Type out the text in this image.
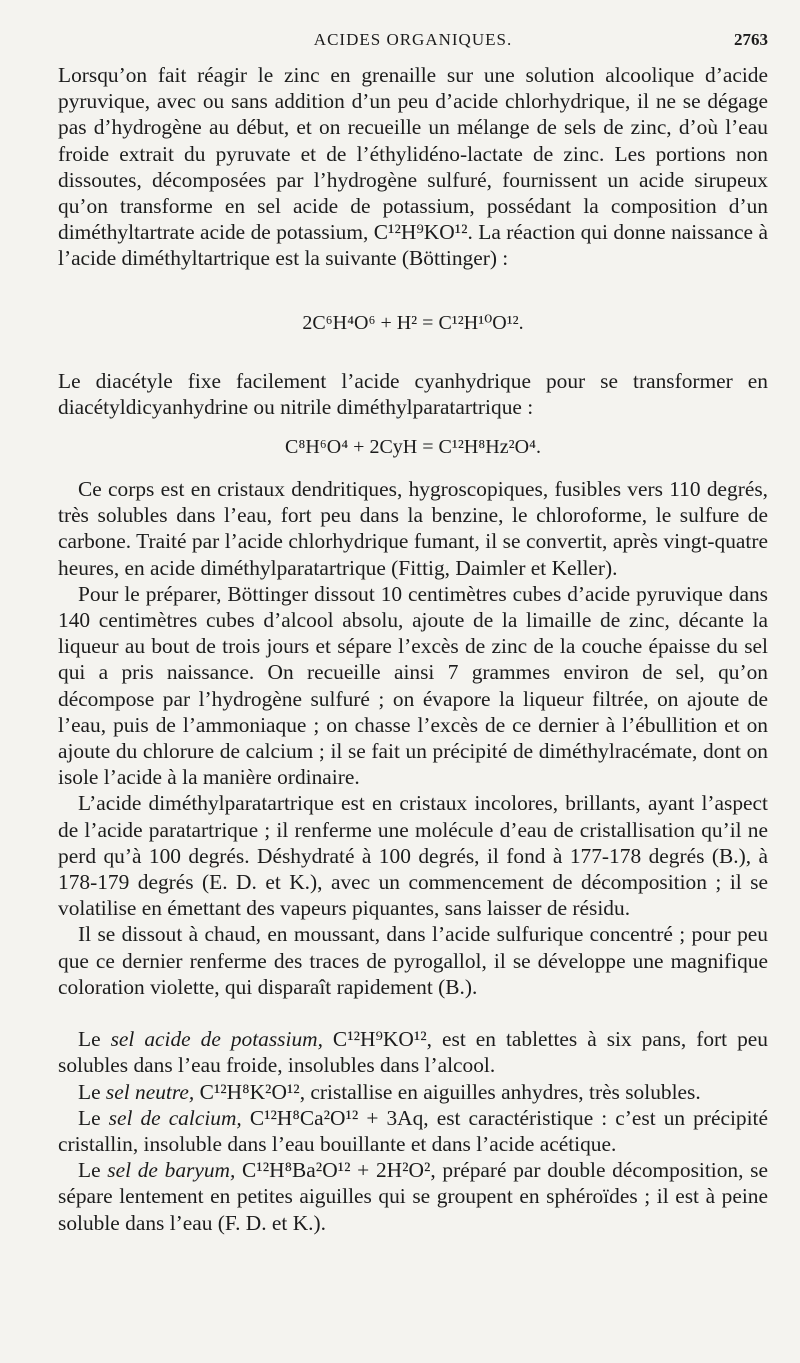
ACIDES ORGANIQUES.	2763

Lorsqu’on fait réagir le zinc en grenaille sur une solution alcoolique d’acide pyruvique, avec ou sans addition d’un peu d’acide chlorhydrique, il ne se dégage pas d’hydrogène au début, et on recueille un mélange de sels de zinc, d’où l’eau froide extrait du pyruvate et de l’éthylidéno-lactate de zinc. Les portions non dissoutes, décomposées par l’hydrogène sulfuré, fournissent un acide sirupeux qu’on transforme en sel acide de potassium, possédant la composition d’un diméthyltartrate acide de potassium, C¹²H⁹KO¹². La réaction qui donne naissance à l’acide diméthyltartrique est la suivante (Böttinger) :

2C⁶H⁴O⁶ + H² = C¹²H¹⁰O¹².

Le diacétyle fixe facilement l’acide cyanhydrique pour se transformer en diacétyldicyanhydrine ou nitrile diméthylparatartrique :

C⁸H⁶O⁴ + 2CyH = C¹²H⁸Hz²O⁴.

Ce corps est en cristaux dendritiques, hygroscopiques, fusibles vers 110 degrés, très solubles dans l’eau, fort peu dans la benzine, le chloroforme, le sulfure de carbone. Traité par l’acide chlorhydrique fumant, il se convertit, après vingt-quatre heures, en acide diméthylparatartrique (Fittig, Daimler et Keller).

Pour le préparer, Böttinger dissout 10 centimètres cubes d’acide pyruvique dans 140 centimètres cubes d’alcool absolu, ajoute de la limaille de zinc, décante la liqueur au bout de trois jours et sépare l’excès de zinc de la couche épaisse du sel qui a pris naissance. On recueille ainsi 7 grammes environ de sel, qu’on décompose par l’hydrogène sulfuré ; on évapore la liqueur filtrée, on ajoute de l’eau, puis de l’ammoniaque ; on chasse l’excès de ce dernier à l’ébullition et on ajoute du chlorure de calcium ; il se fait un précipité de diméthylracémate, dont on isole l’acide à la manière ordinaire.

L’acide diméthylparatartrique est en cristaux incolores, brillants, ayant l’aspect de l’acide paratartrique ; il renferme une molécule d’eau de cristallisation qu’il ne perd qu’à 100 degrés. Déshydraté à 100 degrés, il fond à 177-178 degrés (B.), à 178-179 degrés (E. D. et K.), avec un commencement de décomposition ; il se volatilise en émettant des vapeurs piquantes, sans laisser de résidu.

Il se dissout à chaud, en moussant, dans l’acide sulfurique concentré ; pour peu que ce dernier renferme des traces de pyrogallol, il se développe une magnifique coloration violette, qui disparaît rapidement (B.).

Le sel acide de potassium, C¹²H⁹KO¹², est en tablettes à six pans, fort peu solubles dans l’eau froide, insolubles dans l’alcool.

Le sel neutre, C¹²H⁸K²O¹², cristallise en aiguilles anhydres, très solubles.

Le sel de calcium, C¹²H⁸Ca²O¹² + 3Aq, est caractéristique : c’est un précipité cristallin, insoluble dans l’eau bouillante et dans l’acide acétique.

Le sel de baryum, C¹²H⁸Ba²O¹² + 2H²O², préparé par double décomposition, se sépare lentement en petites aiguilles qui se groupent en sphéroïdes ; il est à peine soluble dans l’eau (F. D. et K.).
